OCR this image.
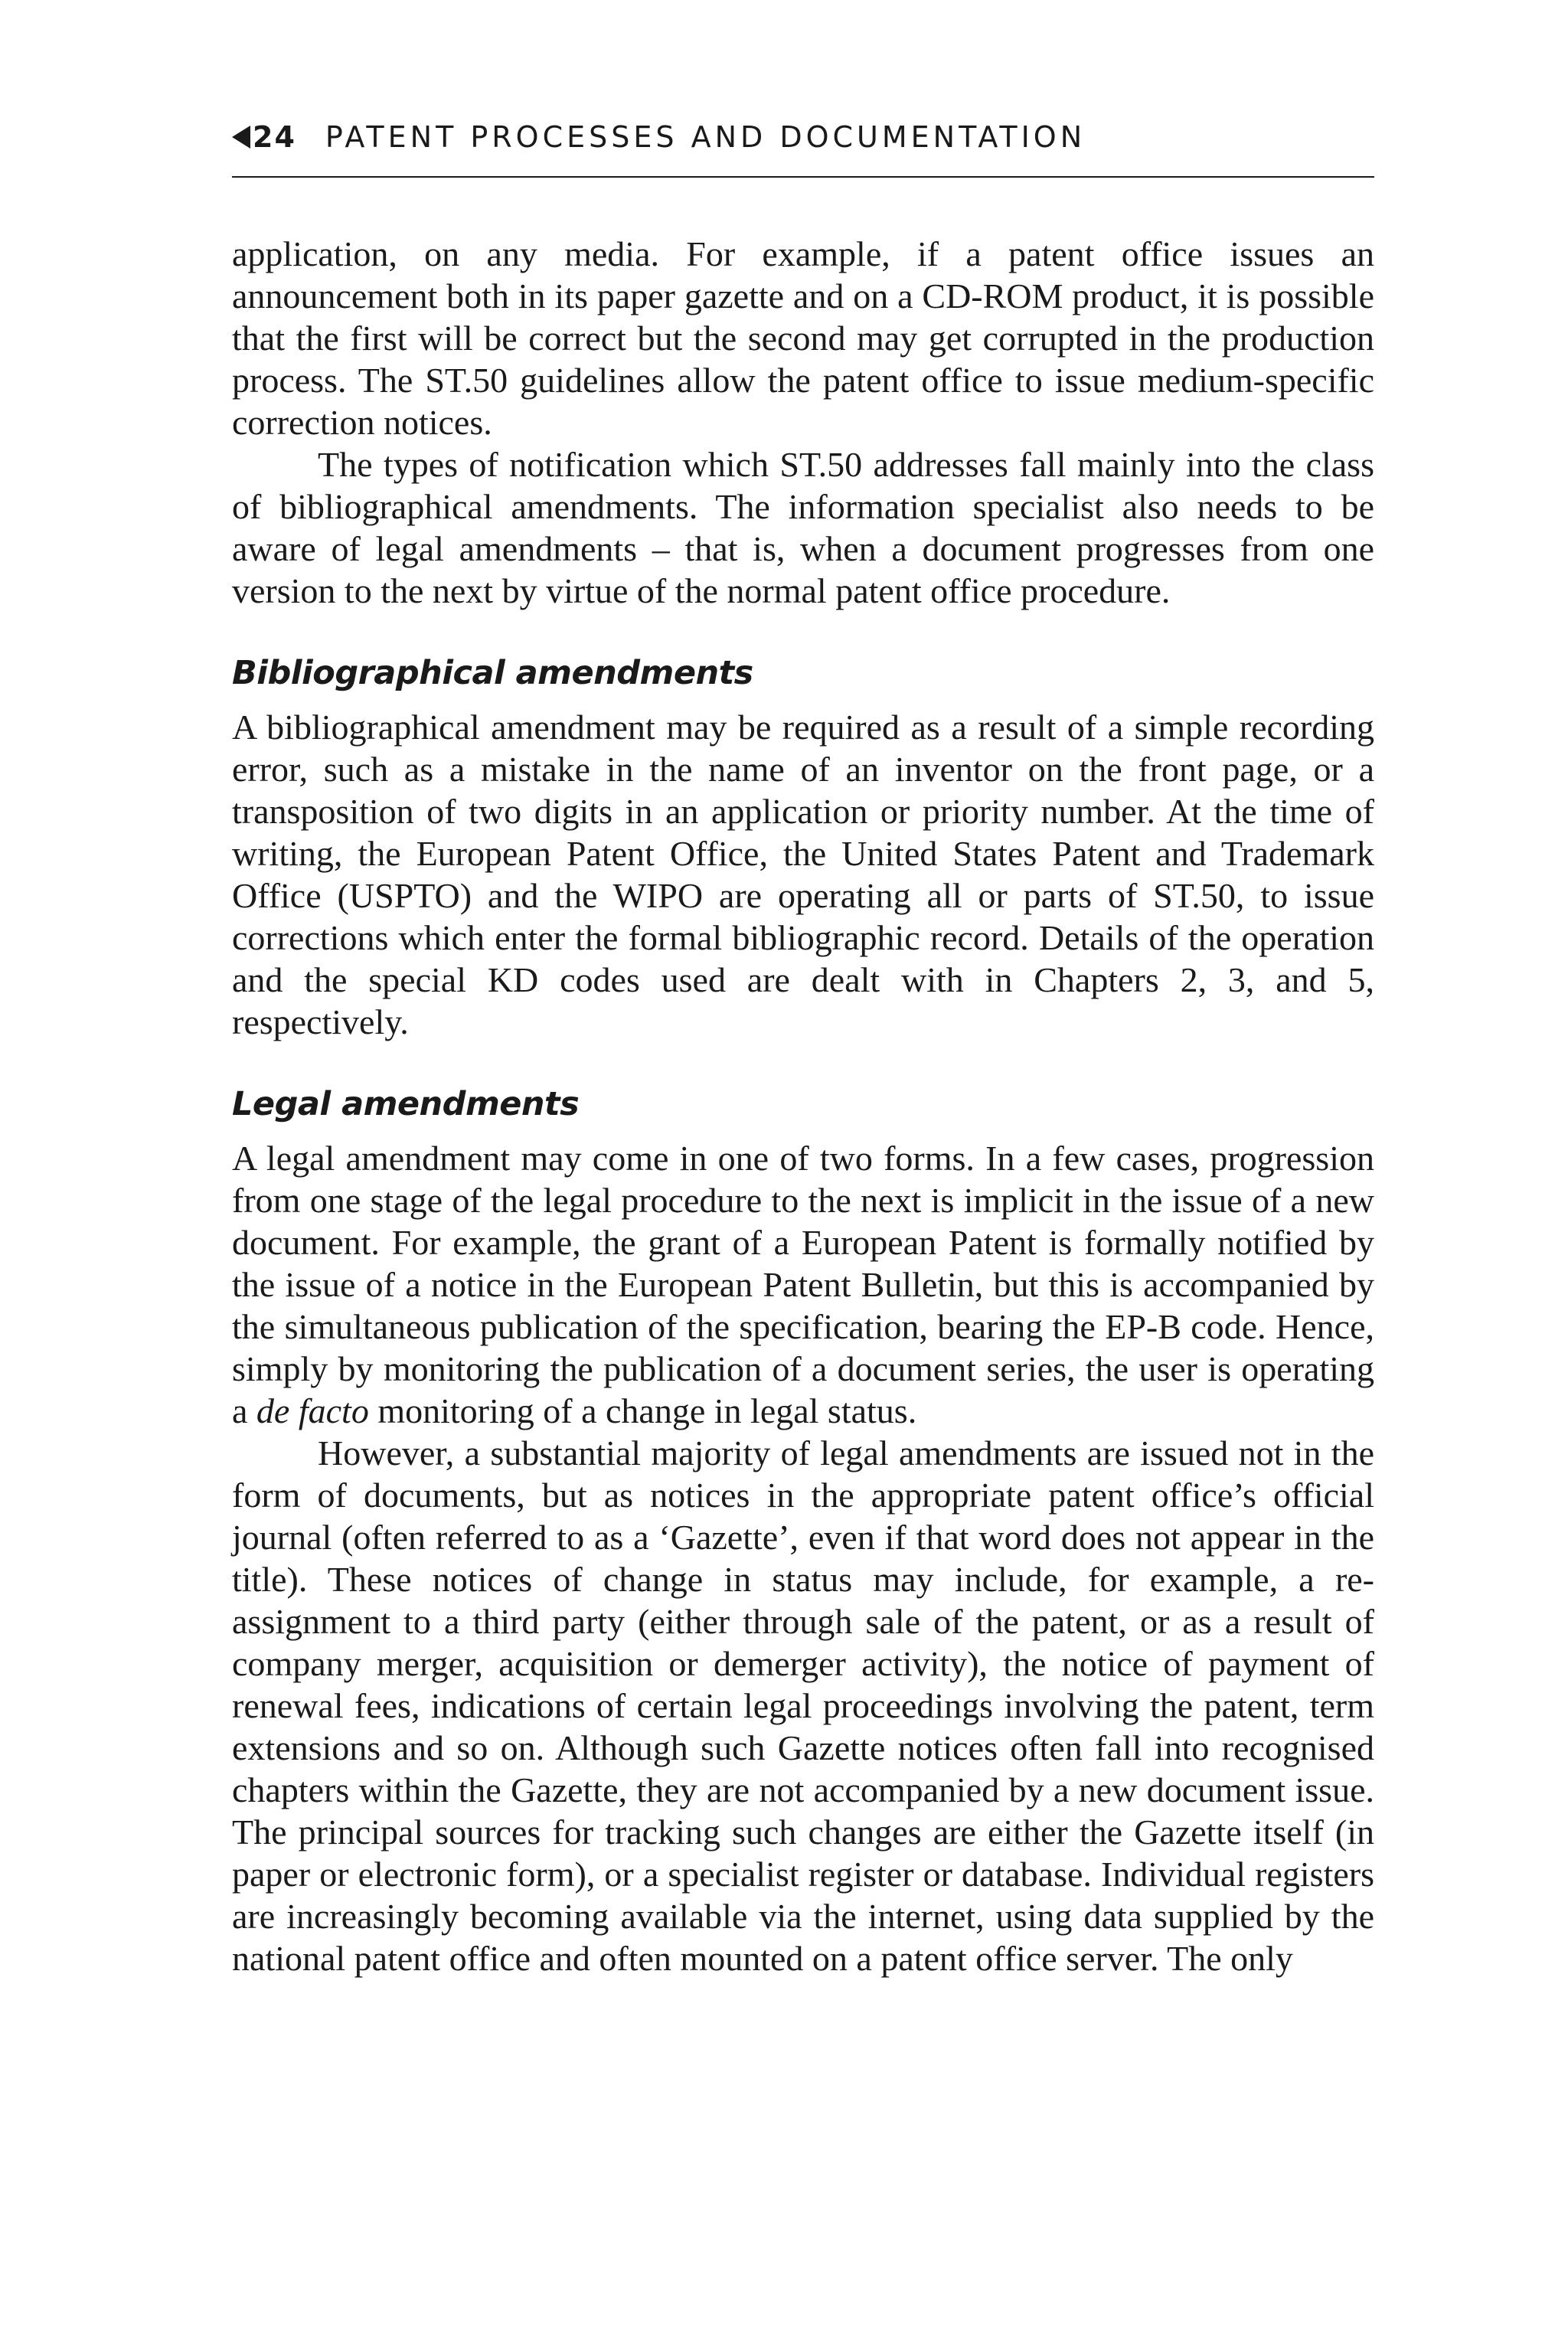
24 PATENT PROCESSES AND DOCUMENTATION

application, on any media. For example, if a patent office issues an announcement both in its paper gazette and on a CD-ROM product, it is possible that the first will be correct but the second may get corrupted in the production process. The ST.50 guidelines allow the patent office to issue medium-specific correction notices.

The types of notification which ST.50 addresses fall mainly into the class of bibliographical amendments. The information specialist also needs to be aware of legal amendments – that is, when a document progresses from one version to the next by virtue of the normal patent office procedure.

Bibliographical amendments

A bibliographical amendment may be required as a result of a simple recording error, such as a mistake in the name of an inventor on the front page, or a transposition of two digits in an application or priority number. At the time of writing, the European Patent Office, the United States Patent and Trademark Office (USPTO) and the WIPO are operating all or parts of ST.50, to issue corrections which enter the formal bibliographic record. Details of the operation and the special KD codes used are dealt with in Chapters 2, 3, and 5, respectively.

Legal amendments

A legal amendment may come in one of two forms. In a few cases, progression from one stage of the legal procedure to the next is implicit in the issue of a new document. For example, the grant of a European Patent is formally notified by the issue of a notice in the European Patent Bulletin, but this is accompanied by the simultaneous publication of the specification, bearing the EP-B code. Hence, simply by monitoring the publication of a document series, the user is operating a de facto monitoring of a change in legal status.

However, a substantial majority of legal amendments are issued not in the form of documents, but as notices in the appropriate patent office’s official journal (often referred to as a ‘Gazette’, even if that word does not appear in the title). These notices of change in status may include, for example, a re-assignment to a third party (either through sale of the patent, or as a result of company merger, acquisition or demerger activity), the notice of payment of renewal fees, indications of certain legal proceedings involving the patent, term extensions and so on. Although such Gazette notices often fall into recognised chapters within the Gazette, they are not accompanied by a new document issue. The principal sources for tracking such changes are either the Gazette itself (in paper or electronic form), or a specialist register or database. Individual registers are increasingly becoming available via the internet, using data supplied by the national patent office and often mounted on a patent office server. The only
